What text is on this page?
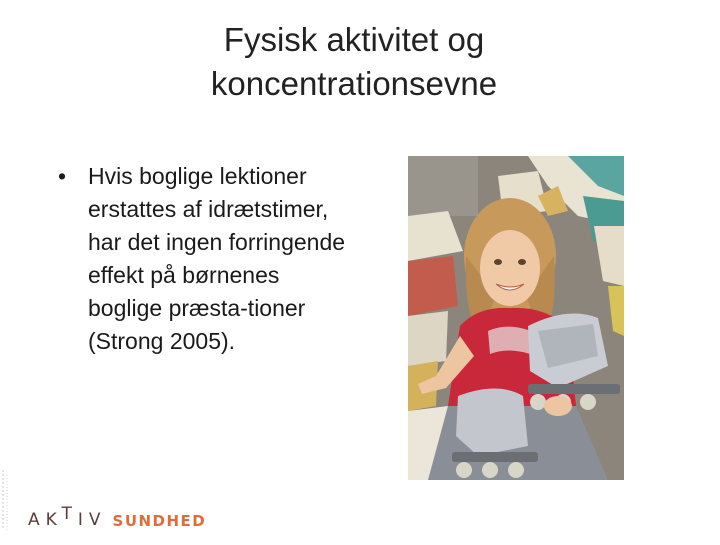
Fysisk aktivitet og koncentrationsevne
• Hvis boglige lektioner erstattes af idrætstimer, har det ingen forringende effekt på børnenes boglige præsta-tioner (Strong 2005).
AKTIV SUNDHED
